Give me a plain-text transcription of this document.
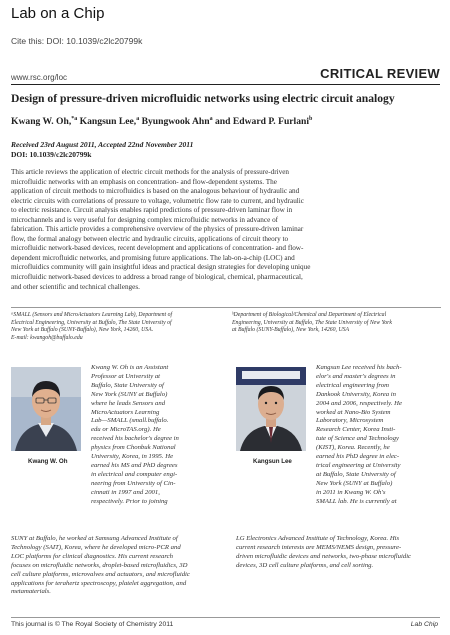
Lab on a Chip
Cite this: DOI: 10.1039/c2lc20799k
www.rsc.org/loc	CRITICAL REVIEW
Design of pressure-driven microfluidic networks using electric circuit analogy
Kwang W. Oh,$^{*a}$ Kangsun Lee,$^a$ Byungwook Ahn$^a$ and Edward P. Furlani$^b$
Received 23rd August 2011, Accepted 22nd November 2011
DOI: 10.1039/c2lc20799k
This article reviews the application of electric circuit methods for the analysis of pressure-driven
microfluidic networks with an emphasis on concentration- and flow-dependent systems. The
application of circuit methods to microfluidics is based on the analogous behaviour of hydraulic and
electric circuits with correlations of pressure to voltage, volumetric flow rate to current, and hydraulic
to electric resistance. Circuit analysis enables rapid predictions of pressure-driven laminar flow in
microchannels and is very useful for designing complex microfluidic networks in advance of
fabrication. This article provides a comprehensive overview of the physics of pressure-driven laminar
flow, the formal analogy between electric and hydraulic circuits, applications of circuit theory to
microfluidic network-based devices, recent development and applications of concentration- and flow-
dependent microfluidic networks, and promising future applications. The lab-on-a-chip (LOC) and
microfluidics community will gain insightful ideas and practical design strategies for developing unique
microfluidic network-based devices to address a broad range of biological, chemical, pharmaceutical,
and other scientific and technical challenges.
ᵃSMALL (Sensors and MicroActuators Learning Lab), Department of
Electrical Engineering, University at Buffalo, The State University of
New York at Buffalo (SUNY-Buffalo), New York, 14260, USA.
E-mail: kwangoh@buffalo.edu
ᵇDepartment of Biological/Chemical and Department of Electrical
Engineering, University at Buffalo, The State University of New York
at Buffalo (SUNY-Buffalo), New York, 14260, USA
Kwang W. Oh
Kwang W. Oh is an Assistant
Professor at University at
Buffalo, State University of
New York (SUNY at Buffalo)
where he leads Sensors and
MicroActuators Learning
Lab—SMALL (small.buffalo.
edu or MicroTAS.org). He
received his bachelor's degree in
physics from Chonbuk National
University, Korea, in 1995. He
earned his MS and PhD degrees
in electrical and computer engi-
neering from University of Cin-
cinnati in 1997 and 2001,
respectively. Prior to joining
SUNY at Buffalo, he worked at Samsung Advanced Institute of
Technology (SAIT), Korea, where he developed micro-PCR and
LOC platforms for clinical diagnostics. His current research
focuses on microfluidic networks, droplet-based microfluidics, 3D
cell culture platforms, microvalves and actuators, and microfluidic
applications for terahertz spectroscopy, platelet aggregation, and
metamaterials.
Kangsun Lee
Kangsun Lee received his bach-
elor's and master's degrees in
electrical engineering from
Dankook University, Korea in
2004 and 2006, respectively. He
worked at Nano-Bio System
Laboratory, Microsystem
Research Center, Korea Insti-
tute of Science and Technology
(KIST), Korea. Recently, he
earned his PhD degree in elec-
trical engineering at University
at Buffalo, State University of
New York (SUNY at Buffalo)
in 2011 in Kwang W. Oh's
SMALL lab. He is currently at
LG Electronics Advanced Institute of Technology, Korea. His
current research interests are MEMS/NEMS design, pressure-
driven microfluidic devices and networks, two-phase microfluidic
devices, 3D cell culture platforms, and cell sorting.
This journal is © The Royal Society of Chemistry 2011	Lab Chip
